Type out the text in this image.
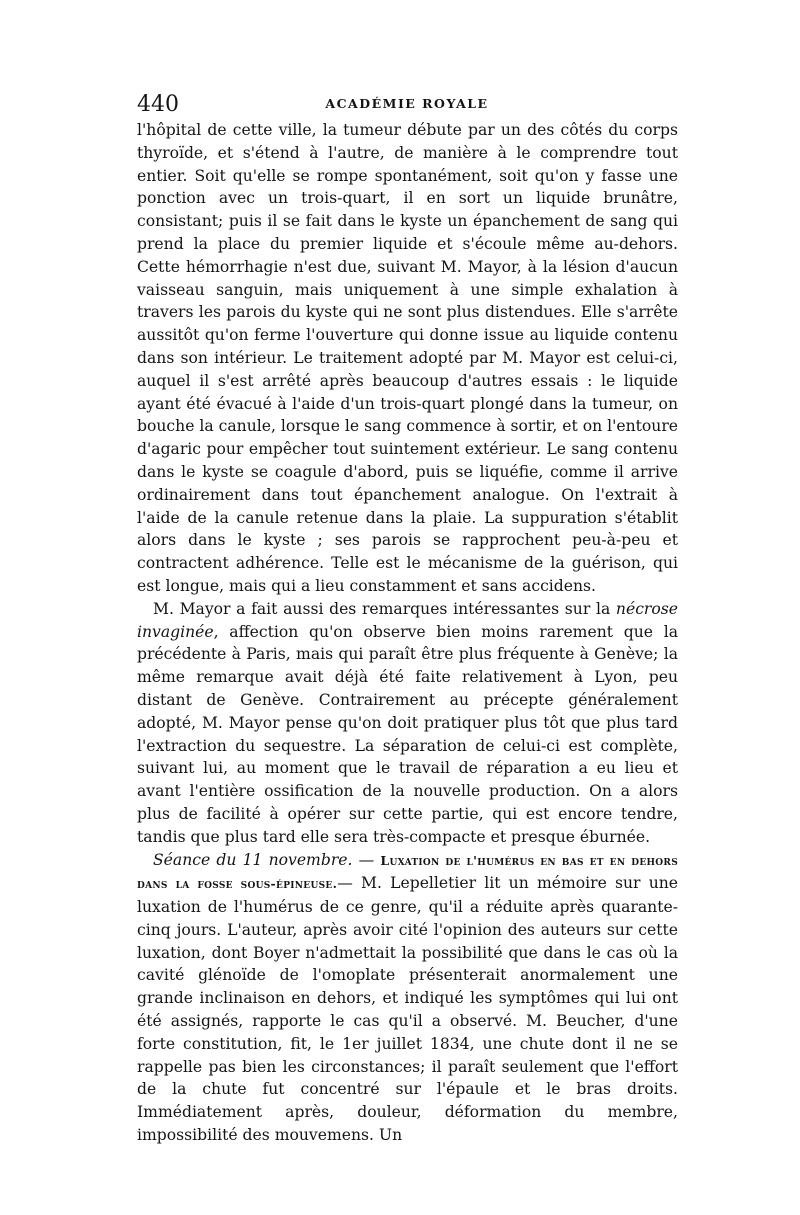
440	ACADÉMIE ROYALE

l'hôpital de cette ville, la tumeur débute par un des côtés du corps thyroïde, et s'étend à l'autre, de manière à le comprendre tout entier. Soit qu'elle se rompe spontanément, soit qu'on y fasse une ponction avec un trois-quart, il en sort un liquide brunâtre, consistant; puis il se fait dans le kyste un épanchement de sang qui prend la place du premier liquide et s'écoule même au-dehors. Cette hémorrhagie n'est due, suivant M. Mayor, à la lésion d'aucun vaisseau sanguin, mais uniquement à une simple exhalation à travers les parois du kyste qui ne sont plus distendues. Elle s'arrête aussitôt qu'on ferme l'ouverture qui donne issue au liquide contenu dans son intérieur. Le traitement adopté par M. Mayor est celui-ci, auquel il s'est arrêté après beaucoup d'autres essais : le liquide ayant été évacué à l'aide d'un trois-quart plongé dans la tumeur, on bouche la canule, lorsque le sang commence à sortir, et on l'entoure d'agaric pour empêcher tout suintement extérieur. Le sang contenu dans le kyste se coagule d'abord, puis se liquéfie, comme il arrive ordinairement dans tout épanchement analogue. On l'extrait à l'aide de la canule retenue dans la plaie. La suppuration s'établit alors dans le kyste ; ses parois se rapprochent peu-à-peu et contractent adhérence. Telle est le mécanisme de la guérison, qui est longue, mais qui a lieu constamment et sans accidens.

M. Mayor a fait aussi des remarques intéressantes sur la nécrose invaginée, affection qu'on observe bien moins rarement que la précédente à Paris, mais qui paraît être plus fréquente à Genève; la même remarque avait déjà été faite relativement à Lyon, peu distant de Genève. Contrairement au précepte généralement adopté, M. Mayor pense qu'on doit pratiquer plus tôt que plus tard l'extraction du sequestre. La séparation de celui-ci est complète, suivant lui, au moment que le travail de réparation a eu lieu et avant l'entière ossification de la nouvelle production. On a alors plus de facilité à opérer sur cette partie, qui est encore tendre, tandis que plus tard elle sera très-compacte et presque éburnée.

Séance du 11 novembre. — Luxation de l'humérus en bas et en dehors dans la fosse sous-épineuse.— M. Lepelletier lit un mémoire sur une luxation de l'humérus de ce genre, qu'il a réduite après quarante-cinq jours. L'auteur, après avoir cité l'opinion des auteurs sur cette luxation, dont Boyer n'admettait la possibilité que dans le cas où la cavité glénoïde de l'omoplate présenterait anormalement une grande inclinaison en dehors, et indiqué les symptômes qui lui ont été assignés, rapporte le cas qu'il a observé. M. Beucher, d'une forte constitution, fit, le 1er juillet 1834, une chute dont il ne se rappelle pas bien les circonstances; il paraît seulement que l'effort de la chute fut concentré sur l'épaule et le bras droits. Immédiatement après, douleur, déformation du membre, impossibilité des mouvemens. Un
